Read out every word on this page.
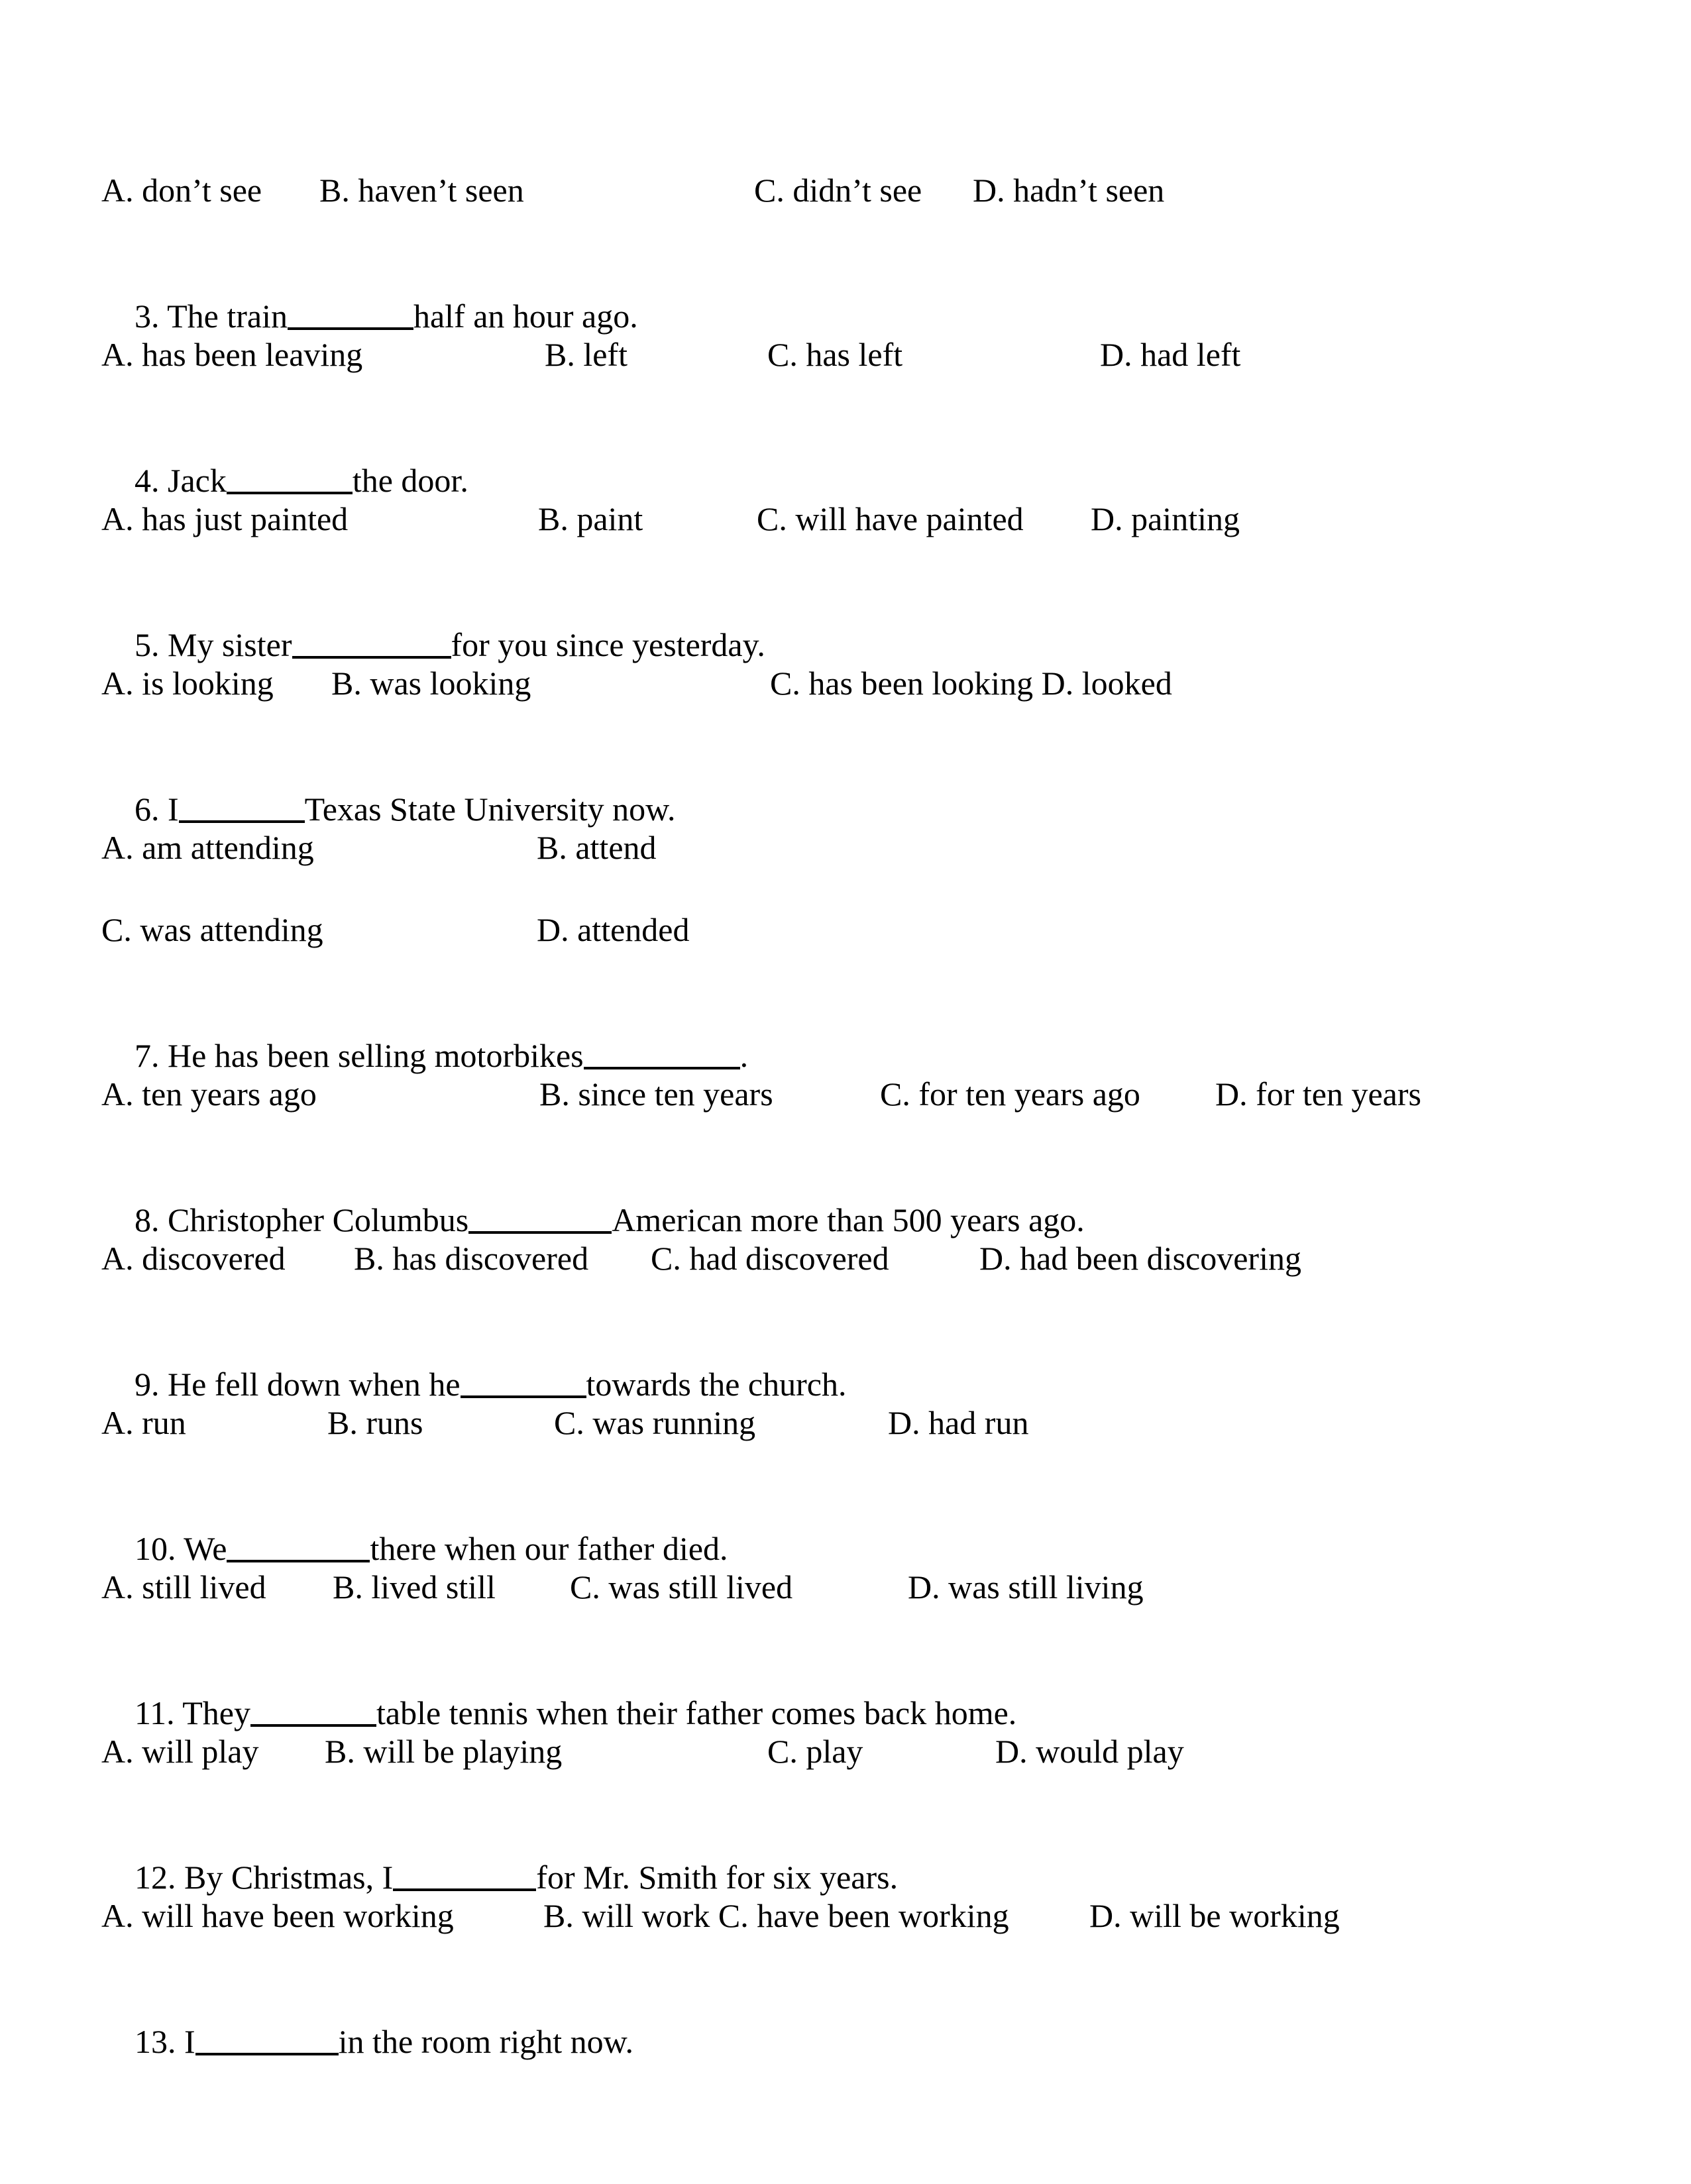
A. don’t see

B. haven’t seen

	C. didn’t see

D. hadn’t seen

3. The train	half an hour ago.

A. has been leaving

	B. left

	C. has left

	D. had left

4. Jack	the door.

A. has just painted

	B. paint

	C. will have painted

D. painting

5. My sister	for you since yesterday.

A. is looking

B. was looking

	C. has been looking D. looked

6. I	Texas State University now.

A. am attending

	B. attend

C. was attending

	D. attended

7. He has been selling motorbikes	.

A. ten years ago

	B. since ten years

	C. for ten years ago

D. for ten years

8. Christopher Columbus	American more than 500 years ago.

A. discovered

B. has discovered

C. had discovered

	D. had been discovering

9. He fell down when he	towards the church.

A. run

	B. runs

	C. was running

	D. had run

10. We	there when our father died.

A. still lived

B. lived still

C. was still lived

	D. was still living

11. They	table tennis when their father comes back home.

A. will play

B. will be playing

	C. play

	D. would play

12. By Christmas, I	for Mr. Smith for six years.

A. will have been working

	B. will work C. have been working

D. will be working

13. I	in the room right now.
